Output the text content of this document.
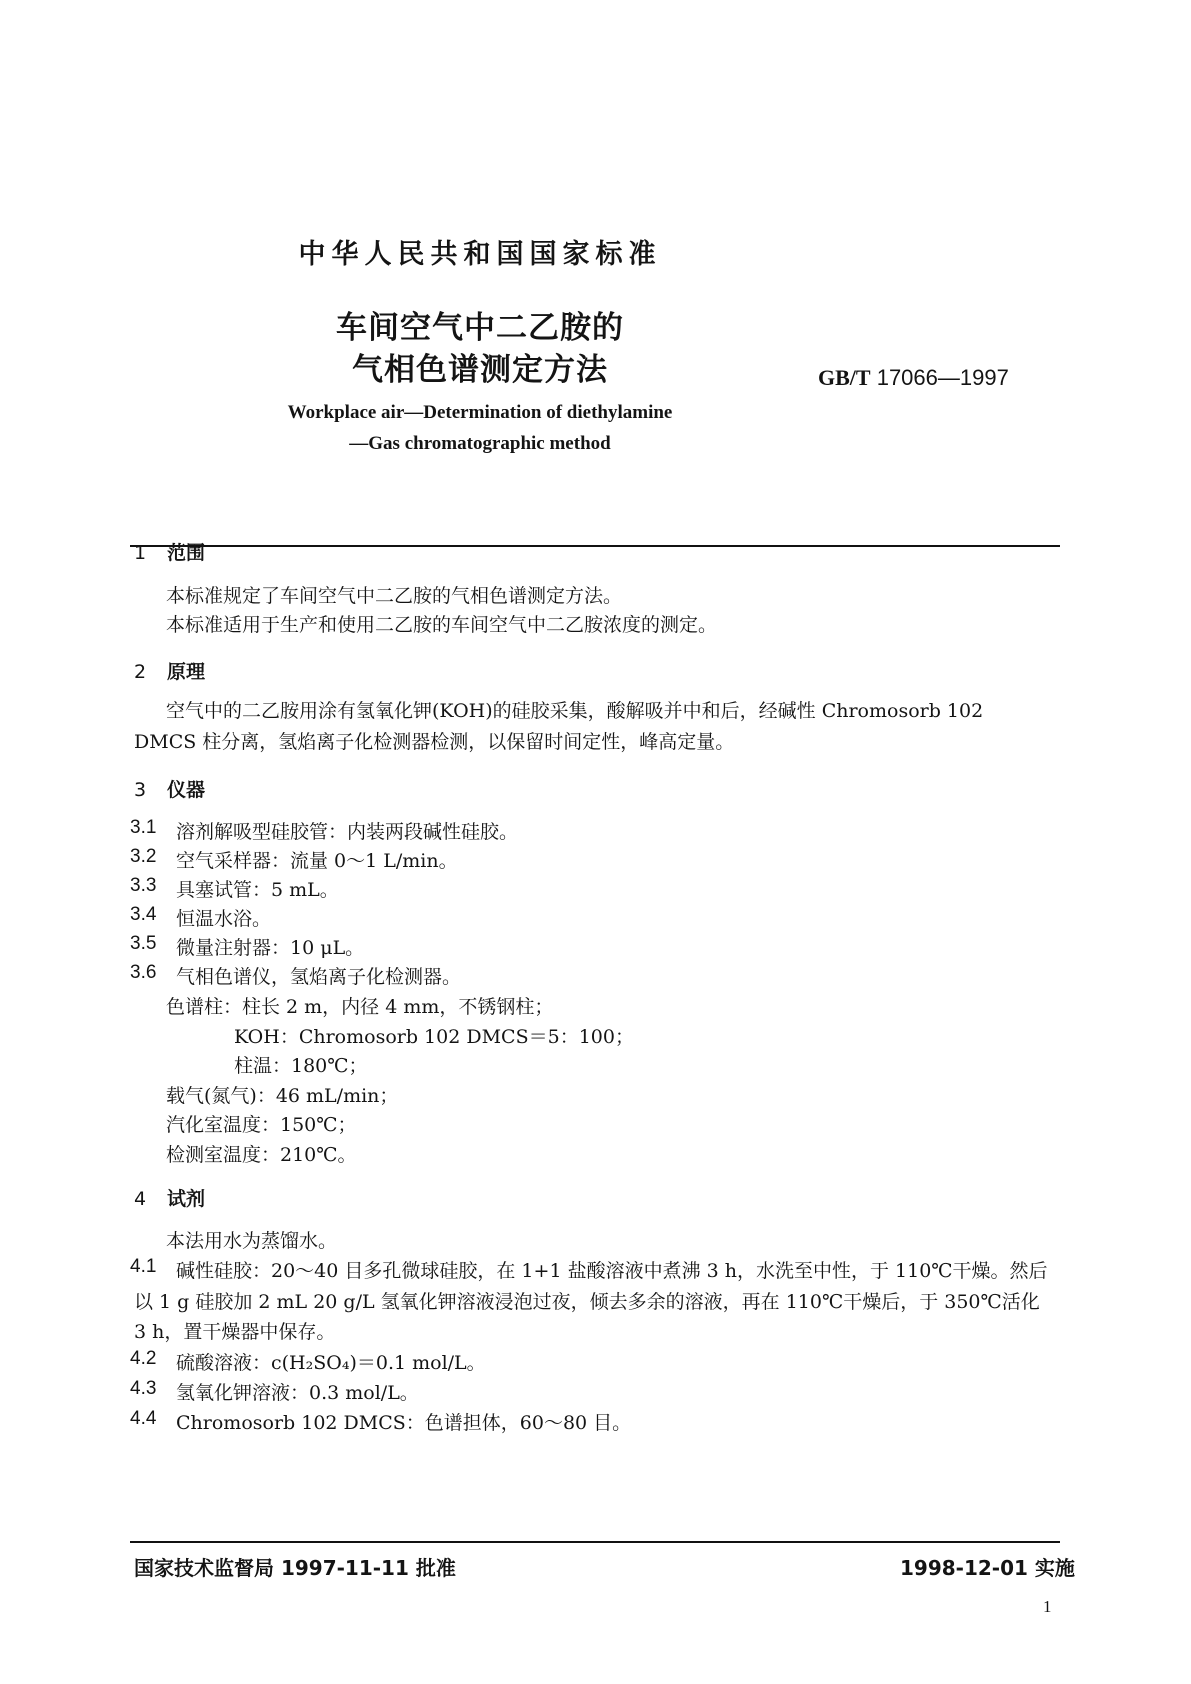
中华人民共和国国家标准
车间空气中二乙胺的
气相色谱测定方法	GB/T 17066—1997
Workplace air—Determination of diethylamine
—Gas chromatographic method
1 范围
本标准规定了车间空气中二乙胺的气相色谱测定方法。
本标准适用于生产和使用二乙胺的车间空气中二乙胺浓度的测定。
2 原理
空气中的二乙胺用涂有氢氧化钾(KOH)的硅胶采集，酸解吸并中和后，经碱性 Chromosorb 102
DMCS 柱分离，氢焰离子化检测器检测，以保留时间定性，峰高定量。
3 仪器
3.1 溶剂解吸型硅胶管：内装两段碱性硅胶。
3.2 空气采样器：流量 0～1 L/min。
3.3 具塞试管：5 mL。
3.4 恒温水浴。
3.5 微量注射器：10 μL。
3.6 气相色谱仪，氢焰离子化检测器。
色谱柱：柱长 2 m，内径 4 mm，不锈钢柱；
KOH：Chromosorb 102 DMCS＝5：100；
柱温：180℃；
载气(氮气)：46 mL/min；
汽化室温度：150℃；
检测室温度：210℃。
4 试剂
本法用水为蒸馏水。
4.1 碱性硅胶：20～40 目多孔微球硅胶，在 1+1 盐酸溶液中煮沸 3 h，水洗至中性，于 110℃干燥。然后
以 1 g 硅胶加 2 mL 20 g/L 氢氧化钾溶液浸泡过夜，倾去多余的溶液，再在 110℃干燥后，于 350℃活化
3 h，置干燥器中保存。
4.2 硫酸溶液：c(H₂SO₄)＝0.1 mol/L。
4.3 氢氧化钾溶液：0.3 mol/L。
4.4 Chromosorb 102 DMCS：色谱担体，60～80 目。
国家技术监督局 1997-11-11 批准	1998-12-01 实施
1
